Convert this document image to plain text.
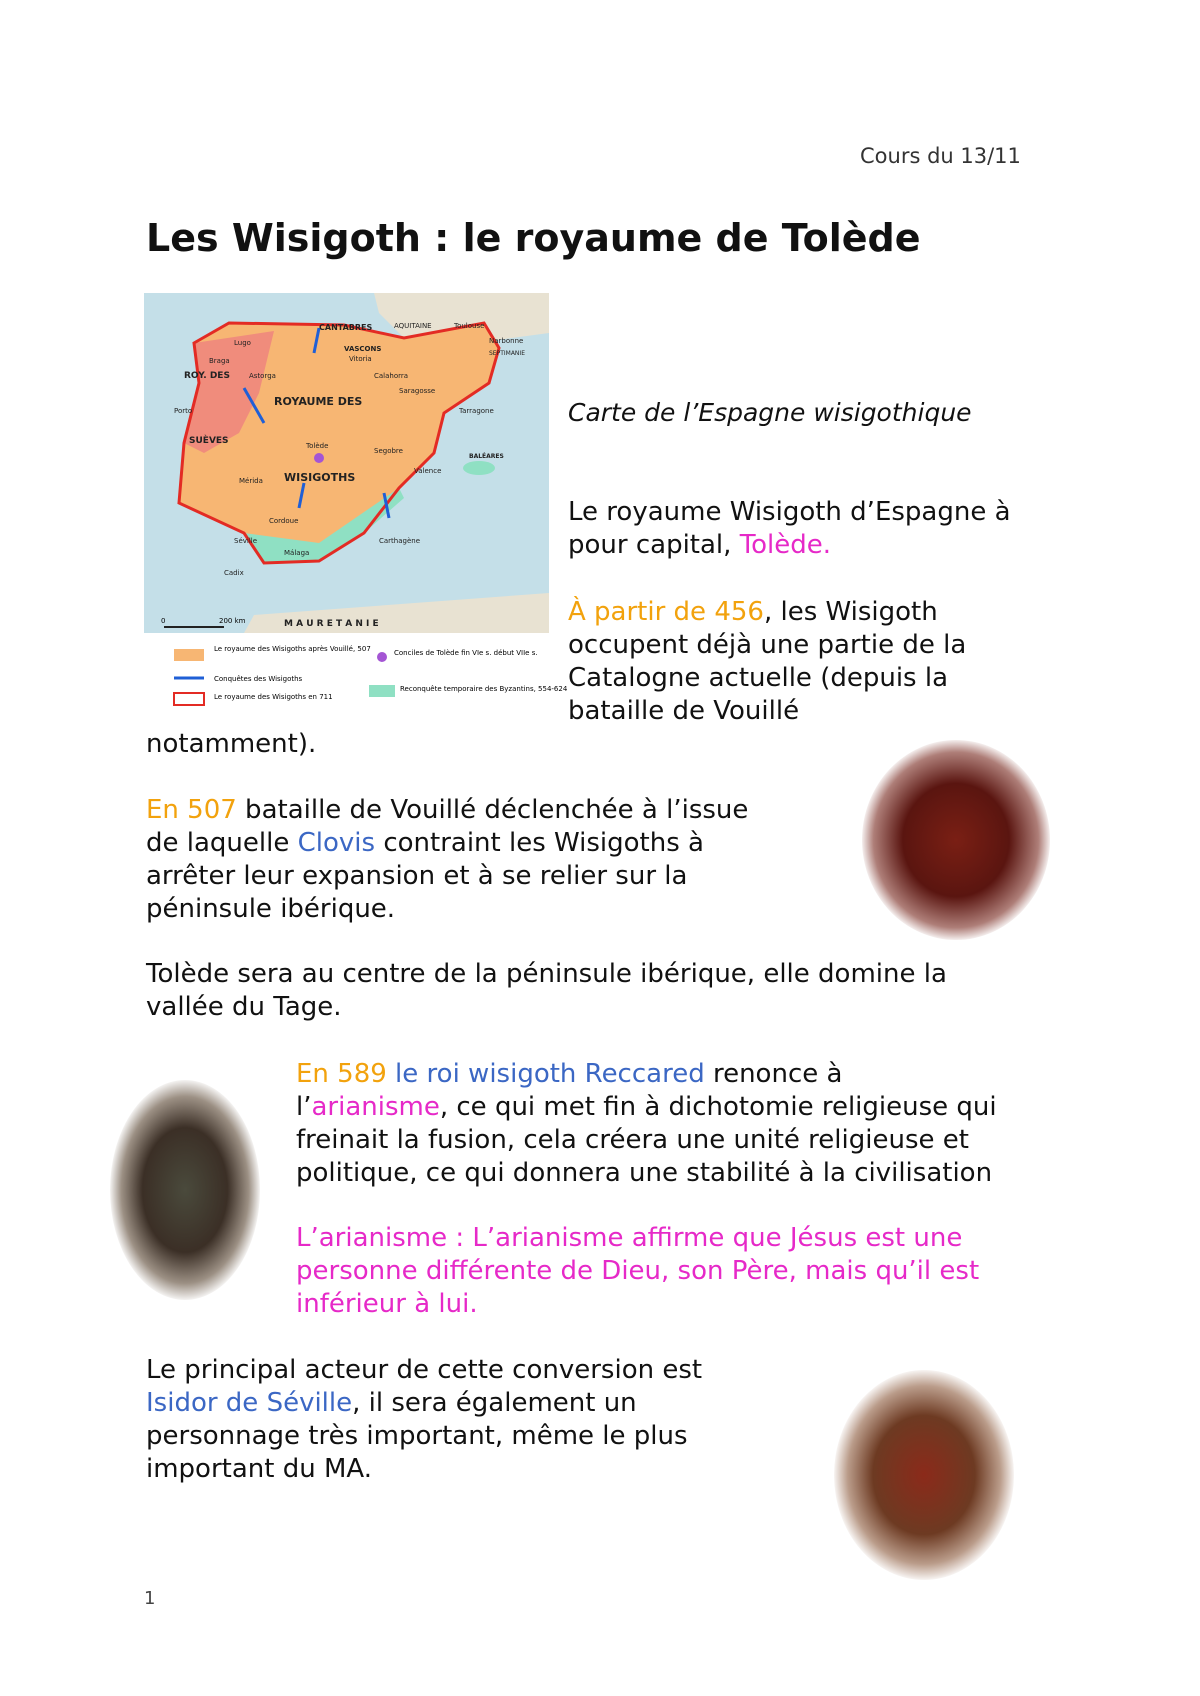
Cours du 13/11
Les Wisigoth : le royaume de Tolède
CANTABRES	AQUITAINE	Toulouse
Narbonne
SEPTIMANIE
VASCONS
Vitoria
Lugo
ROY. DES
SUÈVES
Braga
Porto
Astorga
ROYAUME DES
WISIGOTHS
Calahorra
Saragosse
Tarragone
Tolède
Segobre
Valence
BALÉARES
Mérida
Cordoue
Séville
Málaga
Carthagène
Cadix
M A U R E T A N I E
0	200 km
Le royaume des Wisigoths après Vouillé, 507
Conquêtes des Wisigoths
Le royaume des Wisigoths en 711
Conciles de Tolède fin VIe s. début VIIe s.
Reconquête temporaire des Byzantins, 554-624
Carte de l’Espagne wisigothique

Le royaume Wisigoth d’Espagne à

pour capital, Tolède.

À partir de 456, les Wisigoth

occupent déjà une partie de la

Catalogne actuelle (depuis la

bataille de Vouillé

notamment).

En 507 bataille de Vouillé déclenchée à l’issue

de laquelle Clovis contraint les Wisigoths à

arrêter leur expansion et à se relier sur la

péninsule ibérique.

Tolède sera au centre de la péninsule ibérique, elle domine la

vallée du Tage.

En 589 le roi wisigoth Reccared renonce à

l’arianisme, ce qui met fin à dichotomie religieuse qui

freinait la fusion, cela créera une unité religieuse et

politique, ce qui donnera une stabilité à la civilisation

L’arianisme : L’arianisme affirme que Jésus est une

personne différente de Dieu, son Père, mais qu’il est

inférieur à lui.

Le principal acteur de cette conversion est

Isidor de Séville, il sera également un

personnage très important, même le plus

important du MA.

1
